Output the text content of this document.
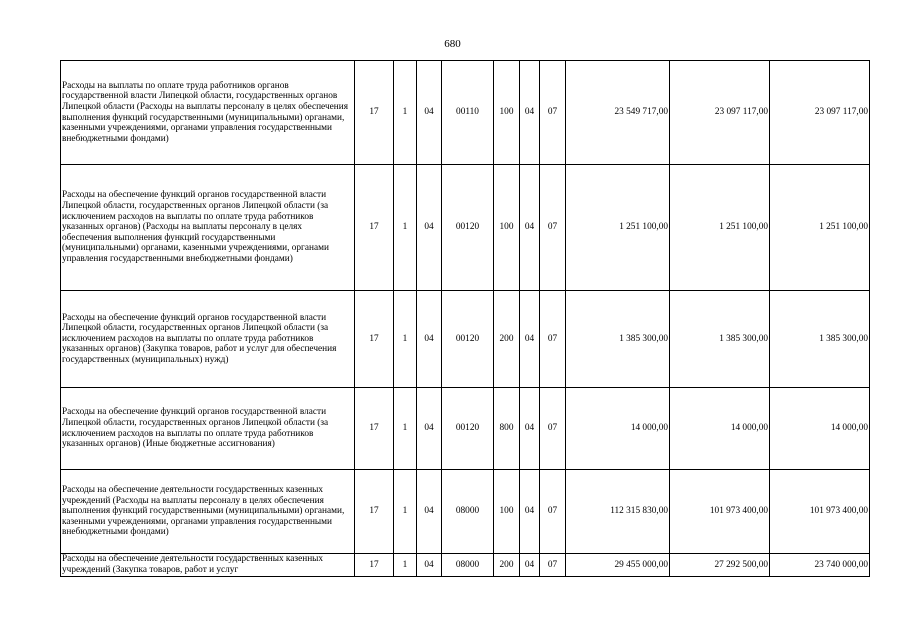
680
Расходы на выплаты по оплате труда работников органов государственной власти Липецкой области, государственных органов Липецкой области (Расходы на выплаты персоналу в целях обеспечения выполнения функций государственными (муниципальными) органами, казенными учреждениями, органами управления государственными внебюджетными фондами)	17	1	04	00110	100	04	07	23 549 717,00	23 097 117,00	23 097 117,00
Расходы на обеспечение функций органов государственной власти Липецкой области, государственных органов Липецкой области (за исключением расходов на выплаты по оплате труда работников указанных органов) (Расходы на выплаты персоналу в целях обеспечения выполнения функций государственными (муниципальными) органами, казенными учреждениями, органами управления государственными внебюджетными фондами)	17	1	04	00120	100	04	07	1 251 100,00	1 251 100,00	1 251 100,00
Расходы на обеспечение функций органов государственной власти Липецкой области, государственных органов Липецкой области (за исключением расходов на выплаты по оплате труда работников указанных органов) (Закупка товаров, работ и услуг для обеспечения государственных (муниципальных) нужд)	17	1	04	00120	200	04	07	1 385 300,00	1 385 300,00	1 385 300,00
Расходы на обеспечение функций органов государственной власти Липецкой области, государственных органов Липецкой области (за исключением расходов на выплаты по оплате труда работников указанных органов) (Иные бюджетные ассигнования)	17	1	04	00120	800	04	07	14 000,00	14 000,00	14 000,00
Расходы на обеспечение деятельности государственных казенных учреждений (Расходы на выплаты персоналу в целях обеспечения выполнения функций государственными (муниципальными) органами, казенными учреждениями, органами управления государственными внебюджетными фондами)	17	1	04	08000	100	04	07	112 315 830,00	101 973 400,00	101 973 400,00
Расходы на обеспечение деятельности государственных казенных учреждений (Закупка товаров, работ и услуг	17	1	04	08000	200	04	07	29 455 000,00	27 292 500,00	23 740 000,00
